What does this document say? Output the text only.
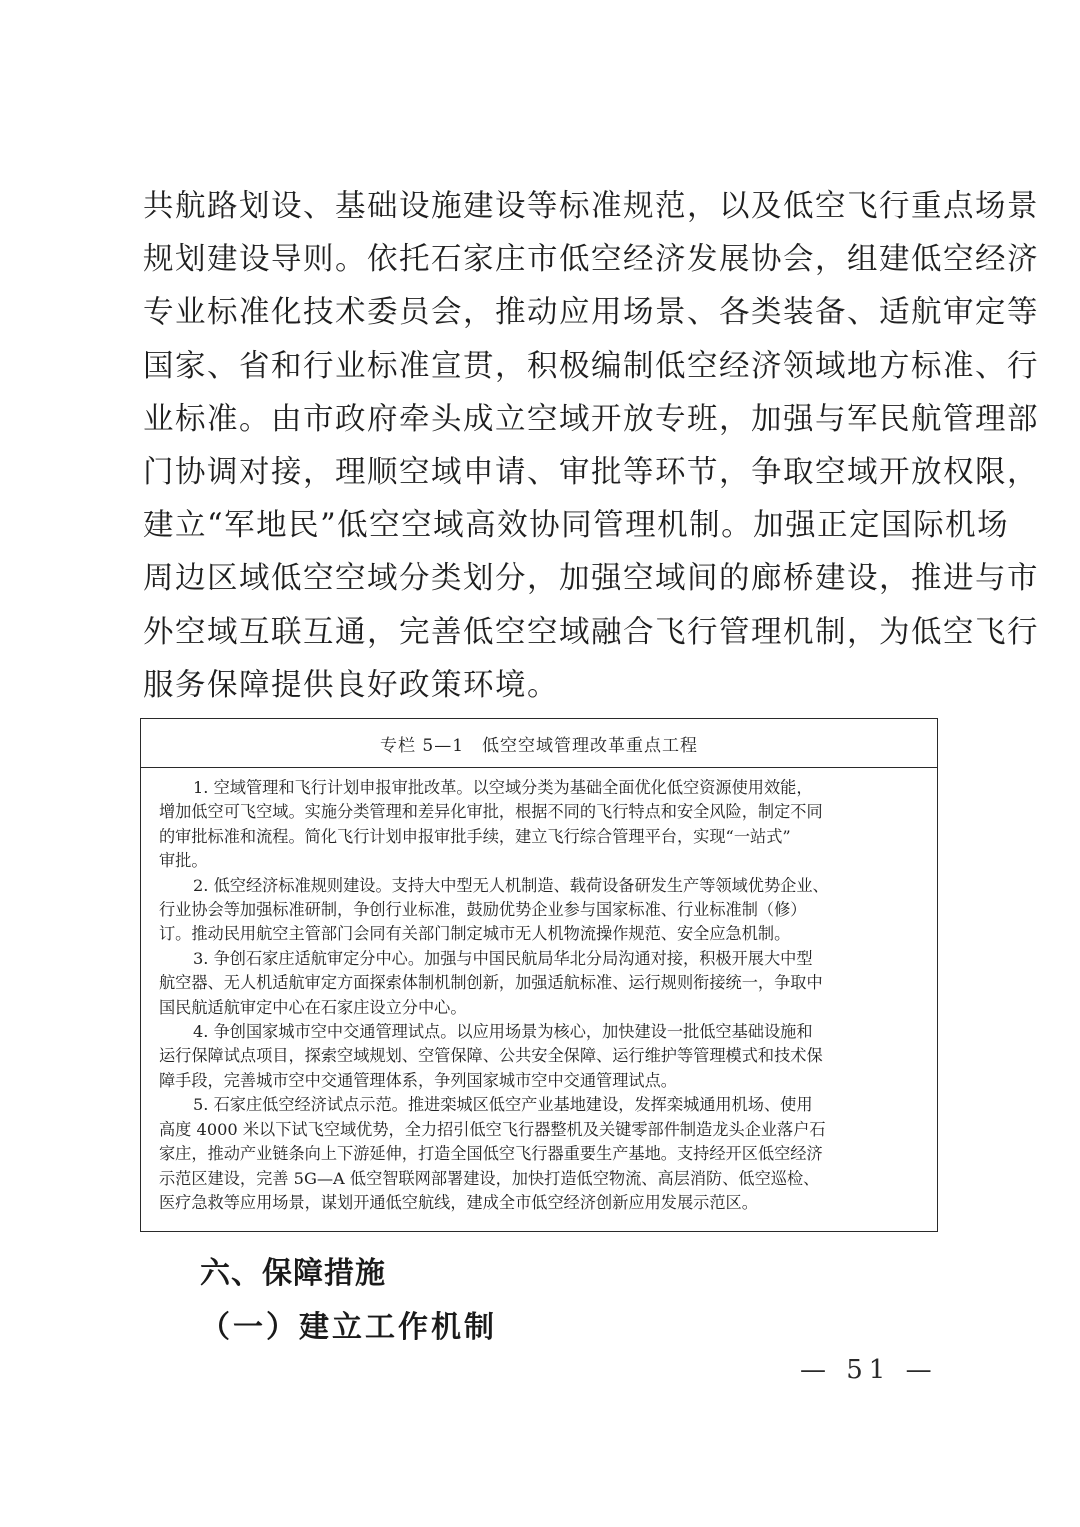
共航路划设、基础设施建设等标准规范，以及低空飞行重点场景
规划建设导则。依托石家庄市低空经济发展协会，组建低空经济
专业标准化技术委员会，推动应用场景、各类装备、适航审定等
国家、省和行业标准宣贯，积极编制低空经济领域地方标准、行
业标准。由市政府牵头成立空域开放专班，加强与军民航管理部
门协调对接，理顺空域申请、审批等环节，争取空域开放权限，
建立“军地民”低空空域高效协同管理机制。加强正定国际机场
周边区域低空空域分类划分，加强空域间的廊桥建设，推进与市
外空域互联互通，完善低空空域融合飞行管理机制，为低空飞行
服务保障提供良好政策环境。
专栏 5—1　低空空域管理改革重点工程
1. 空域管理和飞行计划申报审批改革。以空域分类为基础全面优化低空资源使用效能，
增加低空可飞空域。实施分类管理和差异化审批，根据不同的飞行特点和安全风险，制定不同
的审批标准和流程。简化飞行计划申报审批手续，建立飞行综合管理平台，实现“一站式”
审批。
2. 低空经济标准规则建设。支持大中型无人机制造、载荷设备研发生产等领域优势企业、
行业协会等加强标准研制，争创行业标准，鼓励优势企业参与国家标准、行业标准制（修）
订。推动民用航空主管部门会同有关部门制定城市无人机物流操作规范、安全应急机制。
3. 争创石家庄适航审定分中心。加强与中国民航局华北分局沟通对接，积极开展大中型
航空器、无人机适航审定方面探索体制机制创新，加强适航标准、运行规则衔接统一，争取中
国民航适航审定中心在石家庄设立分中心。
4. 争创国家城市空中交通管理试点。以应用场景为核心，加快建设一批低空基础设施和
运行保障试点项目，探索空域规划、空管保障、公共安全保障、运行维护等管理模式和技术保
障手段，完善城市空中交通管理体系，争列国家城市空中交通管理试点。
5. 石家庄低空经济试点示范。推进栾城区低空产业基地建设，发挥栾城通用机场、使用
高度 4000 米以下试飞空域优势，全力招引低空飞行器整机及关键零部件制造龙头企业落户石
家庄，推动产业链条向上下游延伸，打造全国低空飞行器重要生产基地。支持经开区低空经济
示范区建设，完善 5G—A 低空智联网部署建设，加快打造低空物流、高层消防、低空巡检、
医疗急救等应用场景，谋划开通低空航线，建成全市低空经济创新应用发展示范区。
六、保障措施
（一）建立工作机制
— 51 —
